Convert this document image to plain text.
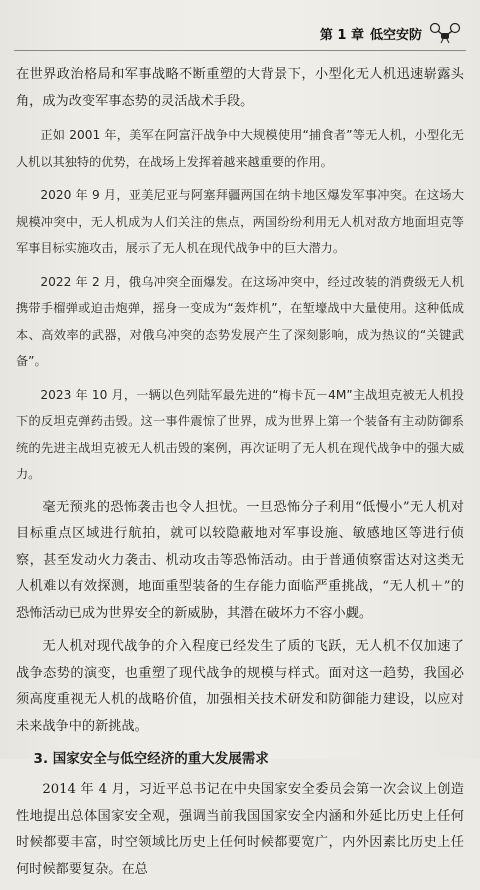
第 1 章 低空安防

在世界政治格局和军事战略不断重塑的大背景下，小型化无人机迅速崭露头角，成为改变军事态势的灵活战术手段。

正如 2001 年，美军在阿富汗战争中大规模使用“捕食者”等无人机，小型化无人机以其独特的优势，在战场上发挥着越来越重要的作用。

2020 年 9 月，亚美尼亚与阿塞拜疆两国在纳卡地区爆发军事冲突。在这场大规模冲突中，无人机成为人们关注的焦点，两国纷纷利用无人机对敌方地面坦克等军事目标实施攻击，展示了无人机在现代战争中的巨大潜力。

2022 年 2 月，俄乌冲突全面爆发。在这场冲突中，经过改装的消费级无人机携带手榴弹或迫击炮弹，摇身一变成为“轰炸机”，在堑壕战中大量使用。这种低成本、高效率的武器，对俄乌冲突的态势发展产生了深刻影响，成为热议的“关键武备”。

2023 年 10 月，一辆以色列陆军最先进的“梅卡瓦－4M”主战坦克被无人机投下的反坦克弹药击毁。这一事件震惊了世界，成为世界上第一个装备有主动防御系统的先进主战坦克被无人机击毁的案例，再次证明了无人机在现代战争中的强大威力。

毫无预兆的恐怖袭击也令人担忧。一旦恐怖分子利用“低慢小”无人机对目标重点区域进行航拍，就可以较隐蔽地对军事设施、敏感地区等进行侦察，甚至发动火力袭击、机动攻击等恐怖活动。由于普通侦察雷达对这类无人机难以有效探测，地面重型装备的生存能力面临严重挑战，“无人机＋”的恐怖活动已成为世界安全的新威胁，其潜在破坏力不容小觑。

无人机对现代战争的介入程度已经发生了质的飞跃，无人机不仅加速了战争态势的演变，也重塑了现代战争的规模与样式。面对这一趋势，我国必须高度重视无人机的战略价值，加强相关技术研发和防御能力建设，以应对未来战争中的新挑战。

3. 国家安全与低空经济的重大发展需求

2014 年 4 月，习近平总书记在中央国家安全委员会第一次会议上创造性地提出总体国家安全观，强调当前我国国家安全内涵和外延比历史上任何时候都要丰富，时空领域比历史上任何时候都要宽广，内外因素比历史上任何时候都要复杂。在总
